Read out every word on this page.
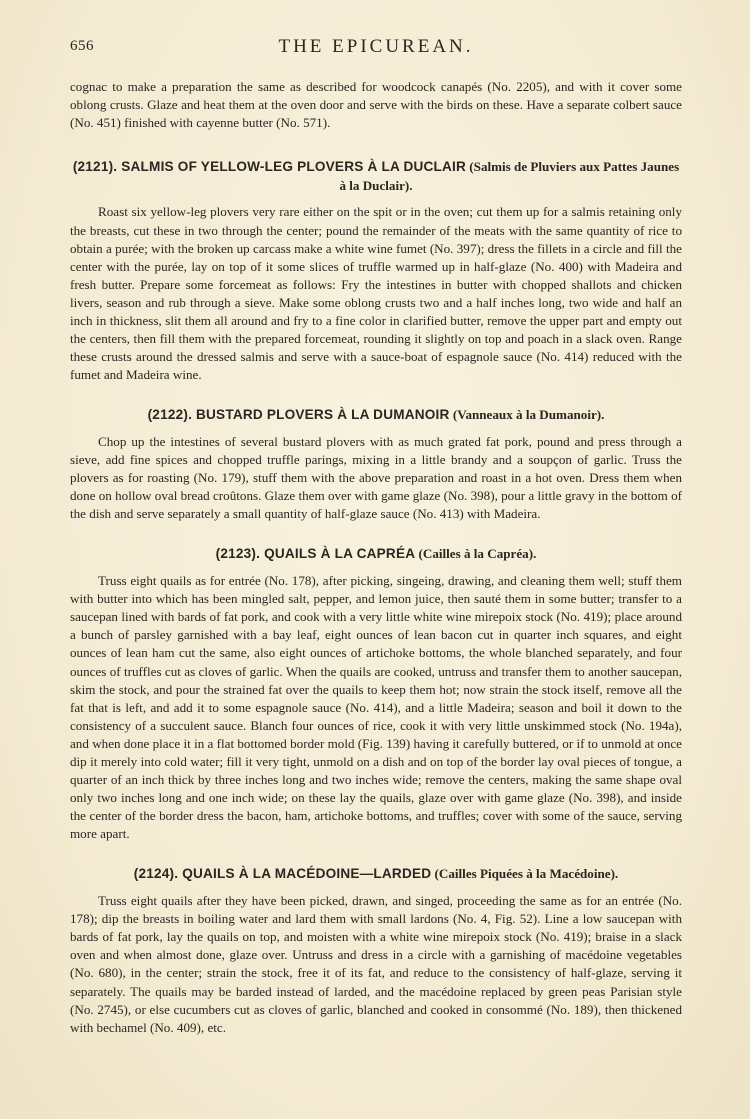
656	THE EPICUREAN.

cognac to make a preparation the same as described for woodcock canapés (No. 2205), and with it cover some oblong crusts. Glaze and heat them at the oven door and serve with the birds on these. Have a separate colbert sauce (No. 451) finished with cayenne butter (No. 571).

(2121). SALMIS OF YELLOW-LEG PLOVERS À LA DUCLAIR (Salmis de Pluviers aux Pattes Jaunes à la Duclair).

Roast six yellow-leg plovers very rare either on the spit or in the oven; cut them up for a salmis retaining only the breasts, cut these in two through the center; pound the remainder of the meats with the same quantity of rice to obtain a purée; with the broken up carcass make a white wine fumet (No. 397); dress the fillets in a circle and fill the center with the purée, lay on top of it some slices of truffle warmed up in half-glaze (No. 400) with Madeira and fresh butter. Prepare some forcemeat as follows: Fry the intestines in butter with chopped shallots and chicken livers, season and rub through a sieve. Make some oblong crusts two and a half inches long, two wide and half an inch in thickness, slit them all around and fry to a fine color in clarified butter, remove the upper part and empty out the centers, then fill them with the prepared forcemeat, rounding it slightly on top and poach in a slack oven. Range these crusts around the dressed salmis and serve with a sauce-boat of espagnole sauce (No. 414) reduced with the fumet and Madeira wine.

(2122). BUSTARD PLOVERS À LA DUMANOIR (Vanneaux à la Dumanoir).

Chop up the intestines of several bustard plovers with as much grated fat pork, pound and press through a sieve, add fine spices and chopped truffle parings, mixing in a little brandy and a soupçon of garlic. Truss the plovers as for roasting (No. 179), stuff them with the above preparation and roast in a hot oven. Dress them when done on hollow oval bread croûtons. Glaze them over with game glaze (No. 398), pour a little gravy in the bottom of the dish and serve separately a small quantity of half-glaze sauce (No. 413) with Madeira.

(2123). QUAILS À LA CAPRÉA (Cailles à la Capréa).

Truss eight quails as for entrée (No. 178), after picking, singeing, drawing, and cleaning them well; stuff them with butter into which has been mingled salt, pepper, and lemon juice, then sauté them in some butter; transfer to a saucepan lined with bards of fat pork, and cook with a very little white wine mirepoix stock (No. 419); place around a bunch of parsley garnished with a bay leaf, eight ounces of lean bacon cut in quarter inch squares, and eight ounces of lean ham cut the same, also eight ounces of artichoke bottoms, the whole blanched separately, and four ounces of truffles cut as cloves of garlic. When the quails are cooked, untruss and transfer them to another saucepan, skim the stock, and pour the strained fat over the quails to keep them hot; now strain the stock itself, remove all the fat that is left, and add it to some espagnole sauce (No. 414), and a little Madeira; season and boil it down to the consistency of a succulent sauce. Blanch four ounces of rice, cook it with very little unskimmed stock (No. 194a), and when done place it in a flat bottomed border mold (Fig. 139) having it carefully buttered, or if to unmold at once dip it merely into cold water; fill it very tight, unmold on a dish and on top of the border lay oval pieces of tongue, a quarter of an inch thick by three inches long and two inches wide; remove the centers, making the same shape oval only two inches long and one inch wide; on these lay the quails, glaze over with game glaze (No. 398), and inside the center of the border dress the bacon, ham, artichoke bottoms, and truffles; cover with some of the sauce, serving more apart.

(2124). QUAILS À LA MACÉDOINE—LARDED (Cailles Piquées à la Macédoine).

Truss eight quails after they have been picked, drawn, and singed, proceeding the same as for an entrée (No. 178); dip the breasts in boiling water and lard them with small lardons (No. 4, Fig. 52). Line a low saucepan with bards of fat pork, lay the quails on top, and moisten with a white wine mirepoix stock (No. 419); braise in a slack oven and when almost done, glaze over. Untruss and dress in a circle with a garnishing of macédoine vegetables (No. 680), in the center; strain the stock, free it of its fat, and reduce to the consistency of half-glaze, serving it separately. The quails may be barded instead of larded, and the macédoine replaced by green peas Parisian style (No. 2745), or else cucumbers cut as cloves of garlic, blanched and cooked in consommé (No. 189), then thickened with bechamel (No. 409), etc.
